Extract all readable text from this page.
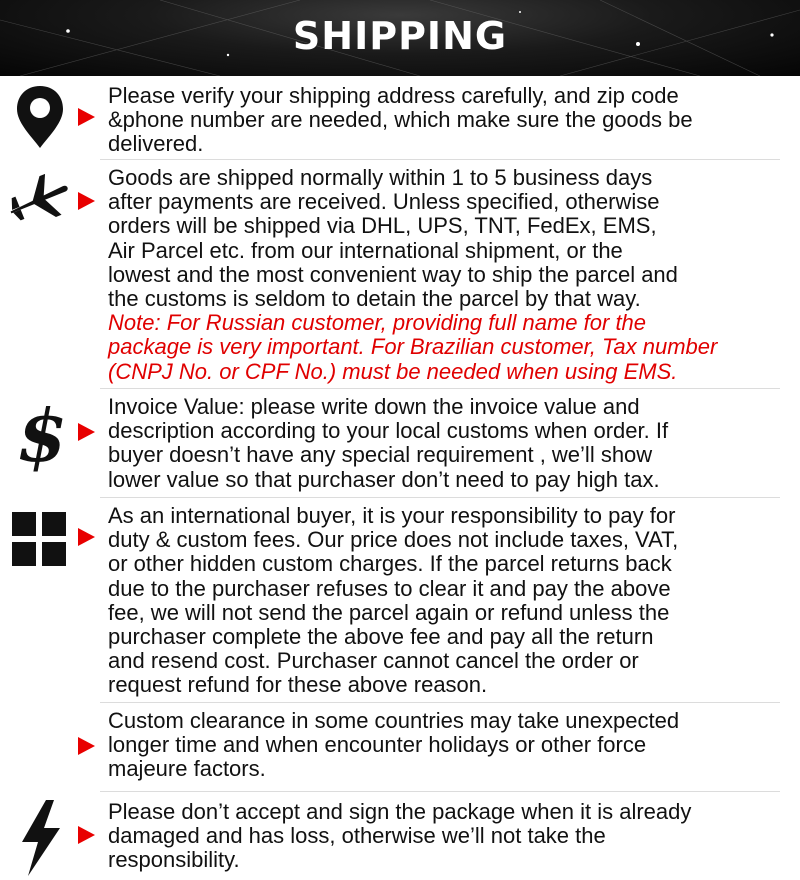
SHIPPING
Please verify your shipping address carefully, and zip code
&phone number are needed, which make sure the goods be
delivered.
Goods are shipped normally within 1 to 5 business days
after payments are received. Unless specified, otherwise
orders will be shipped via DHL, UPS, TNT, FedEx, EMS,
Air Parcel etc. from our international shipment, or the
lowest and the most convenient way to ship the parcel and
the customs is seldom to detain the parcel by that way.
Note: For Russian customer, providing full name for the
package is very important. For Brazilian customer, Tax number
(CNPJ No. or CPF No.) must be needed when using EMS.
$ Invoice Value: please write down the invoice value and
description according to your local customs when order. If
buyer doesn’t have any special requirement , we’ll show
lower value so that purchaser don’t need to pay high tax.
As an international buyer, it is your responsibility to pay for
duty & custom fees. Our price does not include taxes, VAT,
or other hidden custom charges. If the parcel returns back
due to the purchaser refuses to clear it and pay the above
fee, we will not send the parcel again or refund unless the
purchaser complete the above fee and pay all the return
and resend cost. Purchaser cannot cancel the order or
request refund for these above reason.
Custom clearance in some countries may take unexpected
longer time and when encounter holidays or other force
majeure factors.
Please don’t accept and sign the package when it is already
damaged and has loss, otherwise we’ll not take the
responsibility.
